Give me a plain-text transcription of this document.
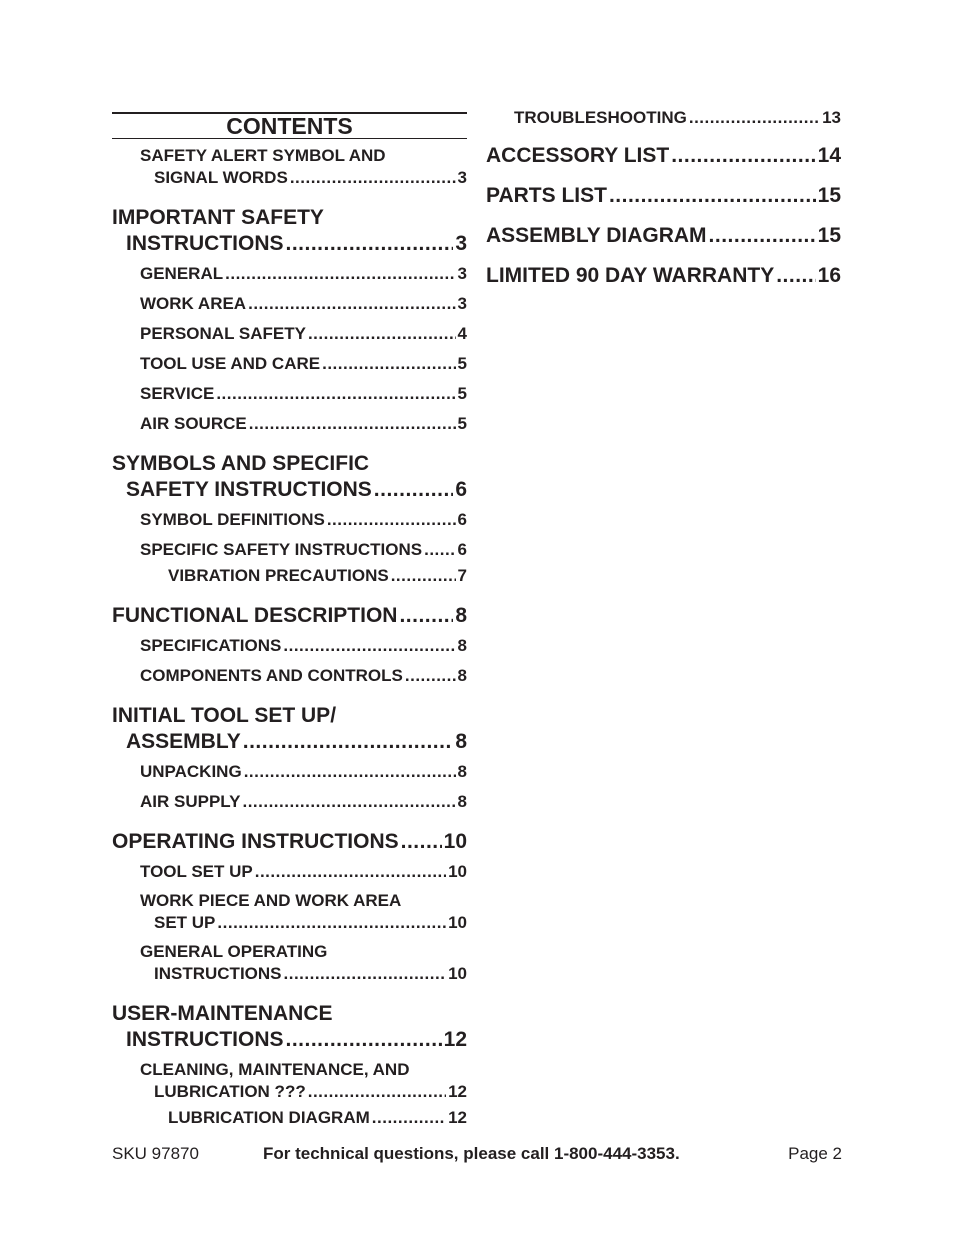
CONTENTS
SAFETY ALERT SYMBOL AND
SIGNAL WORDS .....	3
IMPORTANT SAFETY
INSTRUCTIONS .....	3
GENERAL .....	3
WORK AREA .....	3
PERSONAL SAFETY .....	4
TOOL USE AND CARE .....	5
SERVICE .....	5
AIR SOURCE .....	5
SYMBOLS AND SPECIFIC
SAFETY INSTRUCTIONS .....	6
SYMBOL DEFINITIONS .....	6
SPECIFIC SAFETY INSTRUCTIONS ..... 6
VIBRATION PRECAUTIONS .....	7
FUNCTIONAL DESCRIPTION .....	8
SPECIFICATIONS .....	8
COMPONENTS AND CONTROLS .....	8
INITIAL TOOL SET UP/
ASSEMBLY .....	8
UNPACKING .....	8
AIR SUPPLY .....	8
OPERATING INSTRUCTIONS ..... 10
TOOL SET UP .....	10
WORK PIECE AND WORK AREA
SET UP .....	10
GENERAL OPERATING
INSTRUCTIONS .....	10
USER-MAINTENANCE
INSTRUCTIONS .....	12
CLEANING, MAINTENANCE, AND
LUBRICATION ??? .....	12
LUBRICATION DIAGRAM .....	12
TROUBLESHOOTING .....	13
ACCESSORY LIST .....	14
PARTS LIST .....	15
ASSEMBLY DIAGRAM .....	15
LIMITED 90 DAY WARRANTY ..... 16
SKU 97870	For technical questions, please call 1-800-444-3353.	Page 2
